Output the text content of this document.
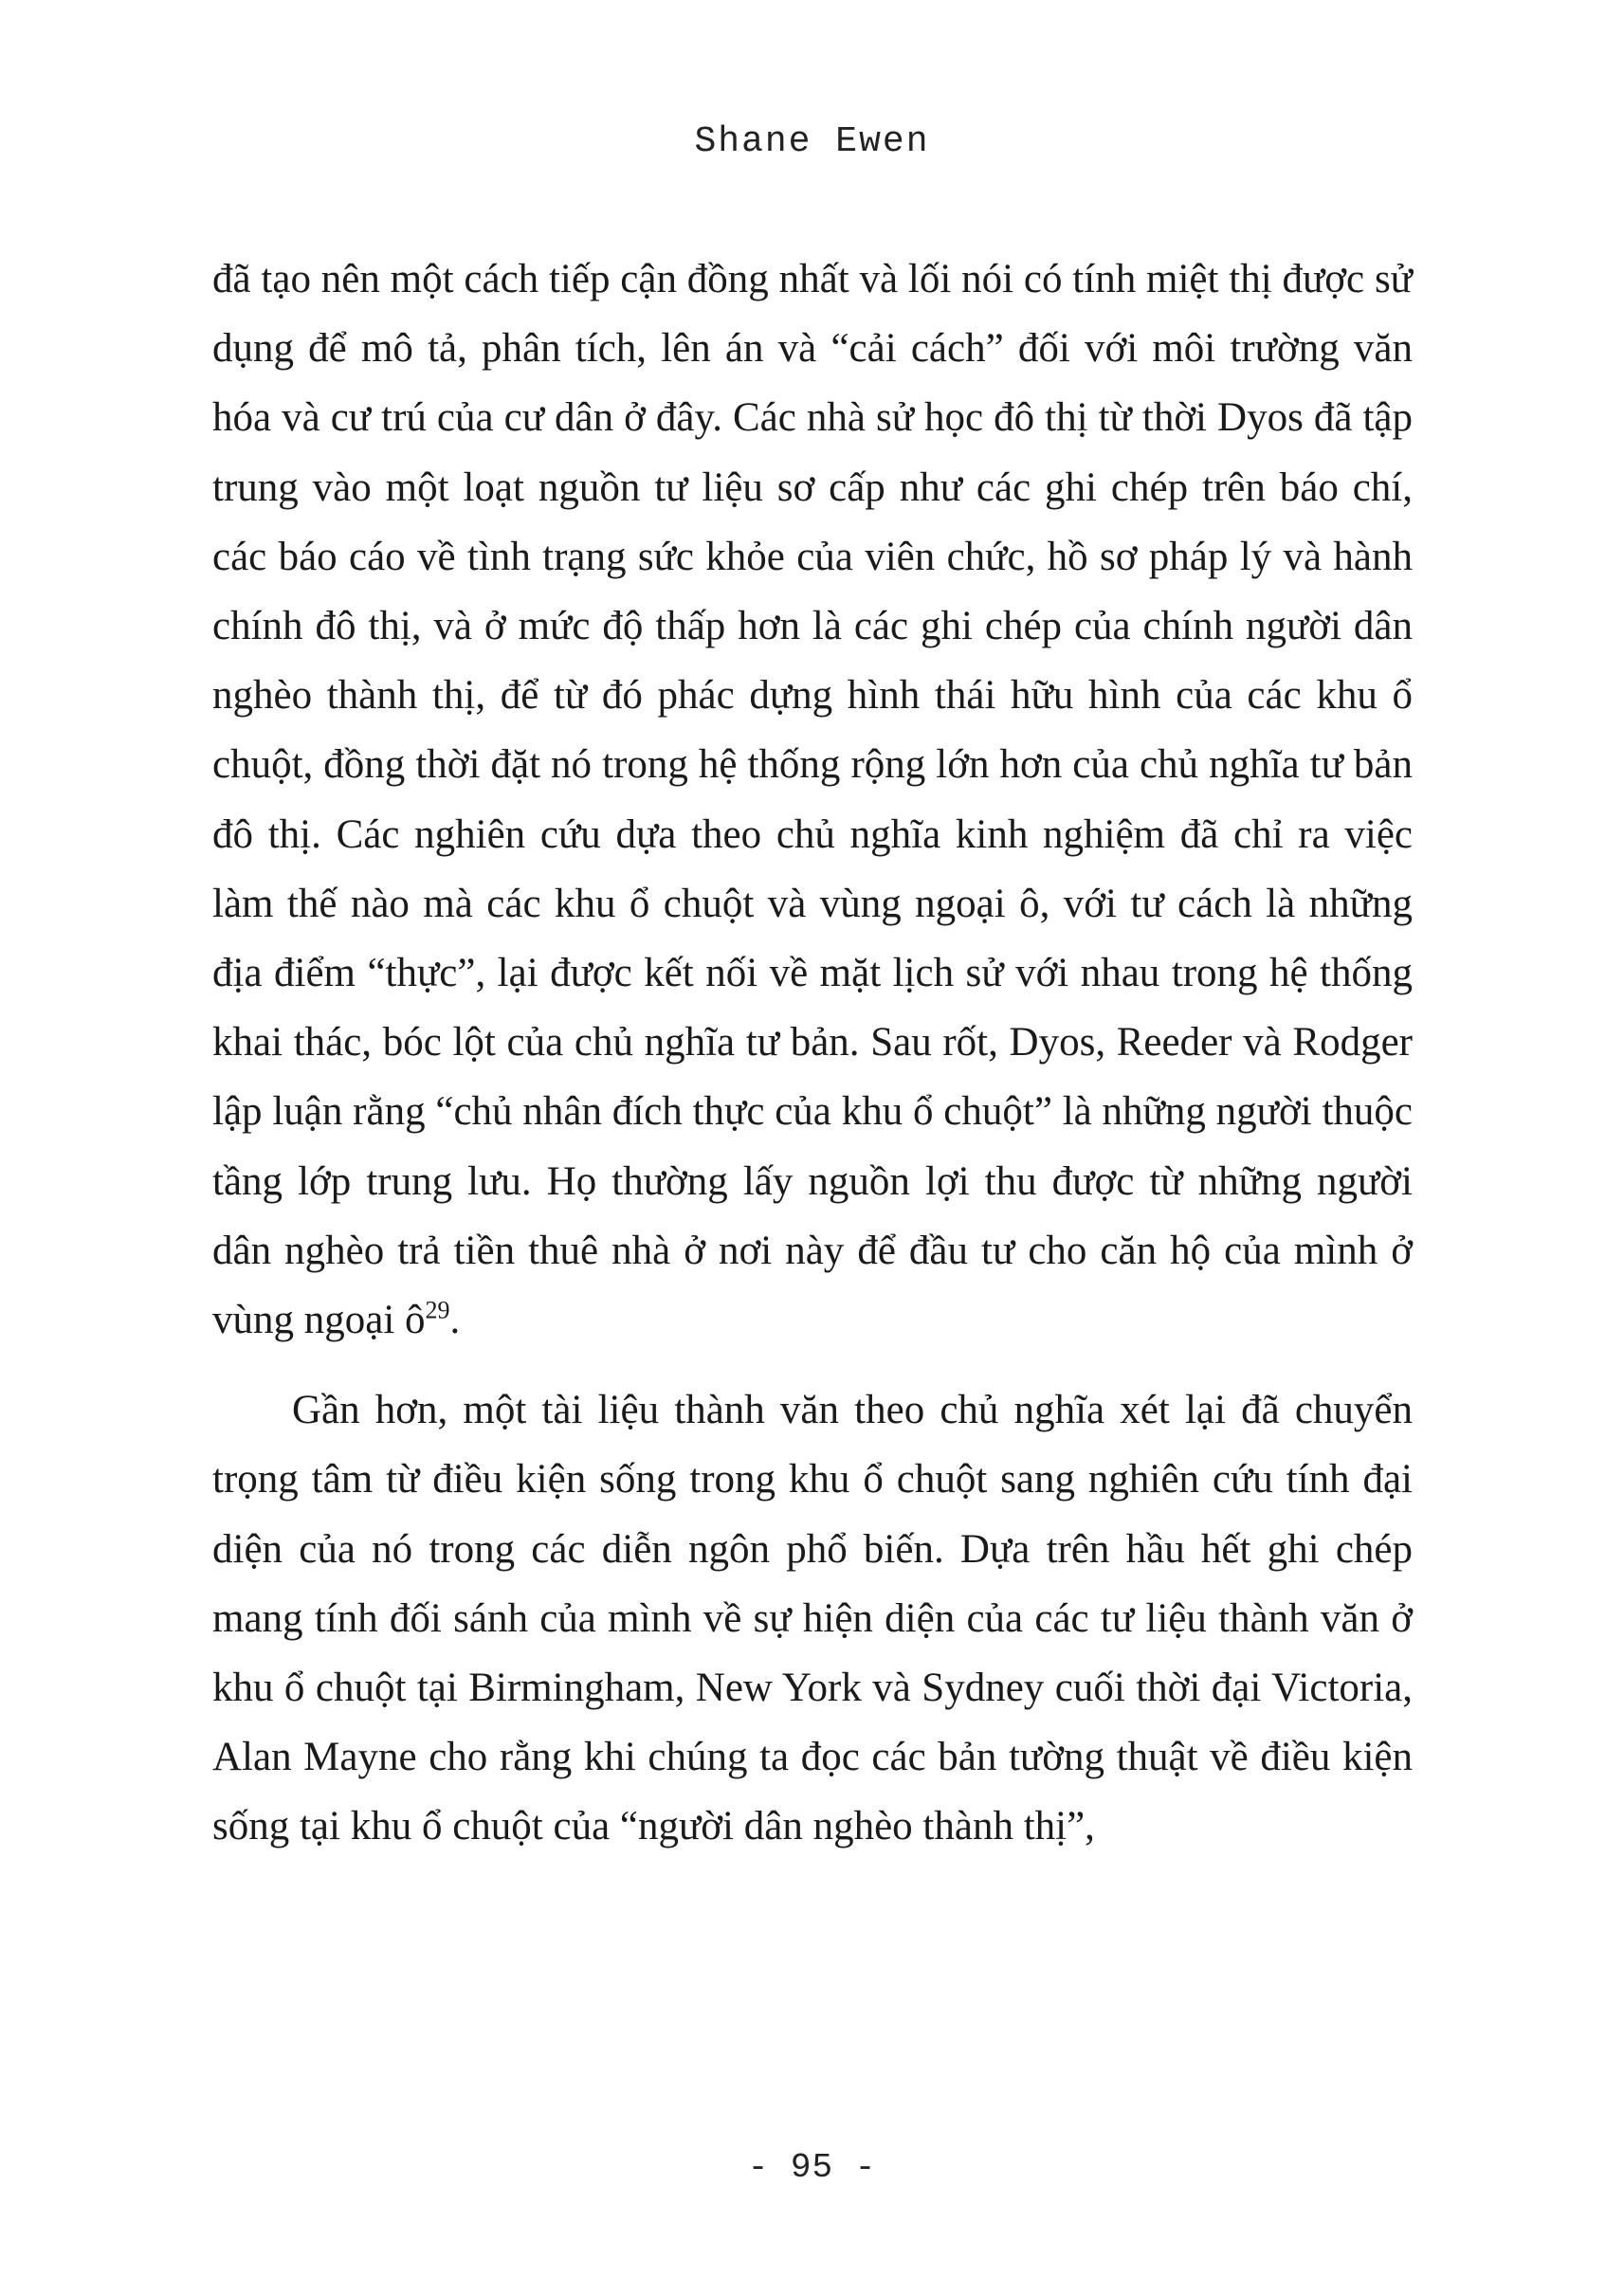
Shane Ewen

đã tạo nên một cách tiếp cận đồng nhất và lối nói có tính miệt thị được sử dụng để mô tả, phân tích, lên án và “cải cách” đối với môi trường văn hóa và cư trú của cư dân ở đây. Các nhà sử học đô thị từ thời Dyos đã tập trung vào một loạt nguồn tư liệu sơ cấp như các ghi chép trên báo chí, các báo cáo về tình trạng sức khỏe của viên chức, hồ sơ pháp lý và hành chính đô thị, và ở mức độ thấp hơn là các ghi chép của chính người dân nghèo thành thị, để từ đó phác dựng hình thái hữu hình của các khu ổ chuột, đồng thời đặt nó trong hệ thống rộng lớn hơn của chủ nghĩa tư bản đô thị. Các nghiên cứu dựa theo chủ nghĩa kinh nghiệm đã chỉ ra việc làm thế nào mà các khu ổ chuột và vùng ngoại ô, với tư cách là những địa điểm “thực”, lại được kết nối về mặt lịch sử với nhau trong hệ thống khai thác, bóc lột của chủ nghĩa tư bản. Sau rốt, Dyos, Reeder và Rodger lập luận rằng “chủ nhân đích thực của khu ổ chuột” là những người thuộc tầng lớp trung lưu. Họ thường lấy nguồn lợi thu được từ những người dân nghèo trả tiền thuê nhà ở nơi này để đầu tư cho căn hộ của mình ở vùng ngoại ô$^{29}$.

Gần hơn, một tài liệu thành văn theo chủ nghĩa xét lại đã chuyển trọng tâm từ điều kiện sống trong khu ổ chuột sang nghiên cứu tính đại diện của nó trong các diễn ngôn phổ biến. Dựa trên hầu hết ghi chép mang tính đối sánh của mình về sự hiện diện của các tư liệu thành văn ở khu ổ chuột tại Birmingham, New York và Sydney cuối thời đại Victoria, Alan Mayne cho rằng khi chúng ta đọc các bản tường thuật về điều kiện sống tại khu ổ chuột của “người dân nghèo thành thị”,

- 95 -
